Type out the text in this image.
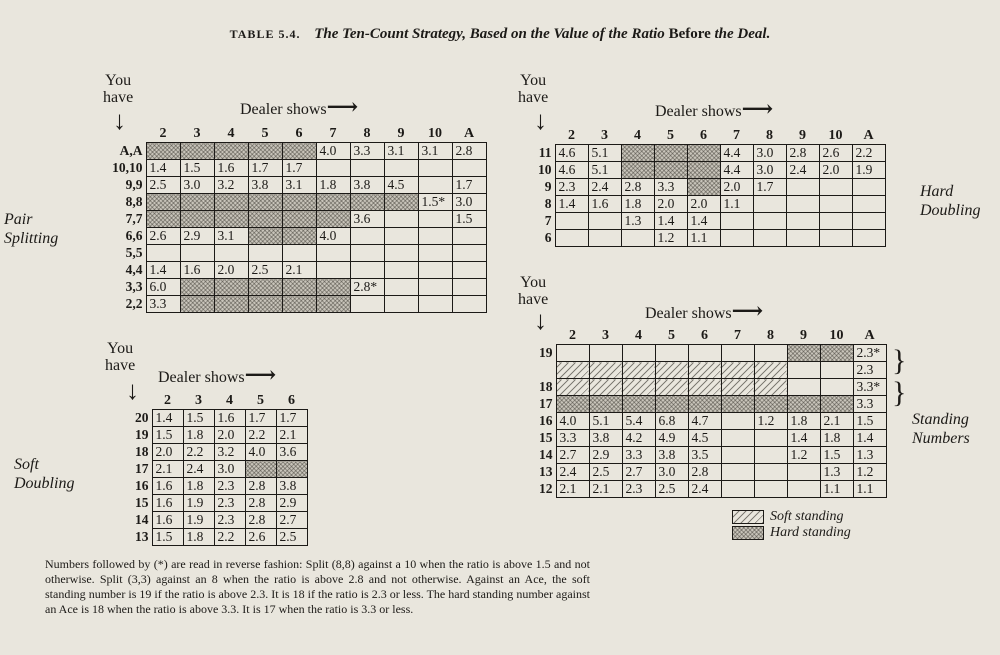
TABLE 5.4. The Ten-Count Strategy, Based on the Value of the Ratio Before the Deal.
You
have
↓	Dealer shows⟶
Pair
Splitting
	2	3	4	5	6	7	8	9	10	A
A,A						4.0	3.3	3.1	3.1	2.8
10,10	1.4	1.5	1.6	1.7	1.7					
9,9	2.5	3.0	3.2	3.8	3.1	1.8	3.8	4.5		1.7
8,8									1.5*	3.0
7,7							3.6			1.5
6,6	2.6	2.9	3.1			4.0				
5,5										
4,4	1.4	1.6	2.0	2.5	2.1					
3,3	6.0						2.8*			
2,2	3.3									
You
have
↓	Dealer shows⟶
Hard
Doubling
	2	3	4	5	6	7	8	9	10	A
11	4.6	5.1				4.4	3.0	2.8	2.6	2.2
10	4.6	5.1				4.4	3.0	2.4	2.0	1.9
9	2.3	2.4	2.8	3.3		2.0	1.7			
8	1.4	1.6	1.8	2.0	2.0	1.1				
7			1.3	1.4	1.4					
6				1.2	1.1					
You
have
↓ Dealer shows⟶
Soft
Doubling
	2	3	4	5	6
20	1.4	1.5	1.6	1.7	1.7
19	1.5	1.8	2.0	2.2	2.1
18	2.0	2.2	3.2	4.0	3.6
17	2.1	2.4	3.0		
16	1.6	1.8	2.3	2.8	3.8
15	1.6	1.9	2.3	2.8	2.9
14	1.6	1.9	2.3	2.8	2.7
13	1.5	1.8	2.2	2.6	2.5
You
have
↓	Dealer shows⟶
Standing
Numbers
}
}
	2	3	4	5	6	7	8	9	10	A
19										2.3*
										2.3
18										3.3*
17										3.3
16	4.0	5.1	5.4	6.8	4.7		1.2	1.8	2.1	1.5
15	3.3	3.8	4.2	4.9	4.5			1.4	1.8	1.4
14	2.7	2.9	3.3	3.8	3.5			1.2	1.5	1.3
13	2.4	2.5	2.7	3.0	2.8				1.3	1.2
12	2.1	2.1	2.3	2.5	2.4				1.1	1.1
Soft standing
Hard standing
Numbers followed by (*) are read in reverse fashion: Split (8,8) against a 10 when the ratio is above 1.5 and not otherwise. Split (3,3) against an 8 when the ratio is above 2.8 and not otherwise. Against an Ace, the soft standing number is 19 if the ratio is above 2.3. It is 18 if the ratio is 2.3 or less. The hard standing number against an Ace is 18 when the ratio is above 3.3. It is 17 when the ratio is 3.3 or less.
